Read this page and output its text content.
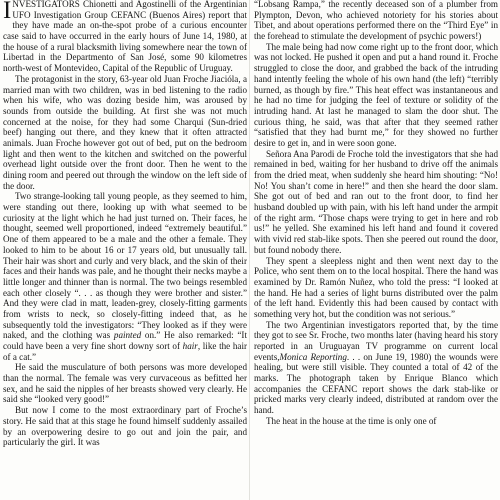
INVESTIGATORS Chionetti and Agostinelli of the Argentinian UFO Investigation Group CEFANC (Buenos Aires) report that they have made an on-the-spot probe of a curious encounter case said to have occurred in the early hours of June 14, 1980, at the house of a rural blacksmith living somewhere near the town of Libertad in the Departmento of San José, some 90 kilometres north-west of Montevideo, Capital of the Republic of Uruguay.

The protagonist in the story, 63-year old Juan Froche Jiacióla, a married man with two children, was in bed listening to the radio when his wife, who was dozing beside him, was aroused by sounds from outside the building. At first she was not much concerned at the noise, for they had some Charqui (Sun-dried beef) hanging out there, and they knew that it often attracted animals. Juan Froche however got out of bed, put on the bedroom light and then went to the kitchen and switched on the powerful overhead light outside over the front door. Then he went to the dining room and peered out through the window on the left side of the door.

Two strange-looking tall young people, as they seemed to him, were standing out there, looking up with what seemed to be curiosity at the light which he had just turned on. Their faces, he thought, seemed well proportioned, indeed “extremely beautiful.” One of them appeared to be a male and the other a female. They looked to him to be about 16 or 17 years old, but unusually tall. Their hair was short and curly and very black, and the skin of their faces and their hands was pale, and he thought their necks maybe a little longer and thinner than is normal. The two beings resembled each other closely “. . . as though they were brother and sister.” And they were clad in matt, leaden-grey, closely-fitting garments from wrists to neck, so closely-fitting indeed that, as he subsequently told the investigators: “They looked as if they were naked, and the clothing was painted on.” He also remarked: “It could have been a very fine short downy sort of hair, like the hair of a cat.”

He said the musculature of both persons was more developed than the normal. The female was very curvaceous as befitted her sex, and he said the nipples of her breasts showed very clearly. He said she “looked very good!”

But now I come to the most extraordinary part of Froche’s story. He said that at this stage he found himself suddenly assailed by an overpowering desire to go out and join the pair, and particularly the girl. It was

“Lobsang Rampa,” the recently deceased son of a plumber from Plympton, Devon, who achieved notoriety for his stories about Tibet, and about operations performed there on the “Third Eye” in the forehead to stimulate the development of psychic powers!)

The male being had now come right up to the front door, which was not locked. He pushed it open and put a hand round it. Froche struggled to close the door, and grabbed the back of the intruding hand intently feeling the whole of his own hand (the left) “terribly burned, as though by fire.” This heat effect was instantaneous and he had no time for judging the feel of texture or solidity of the intruding hand. At last he managed to slam the door shut. The curious thing, he said, was that after that they seemed rather “satisfied that they had burnt me,” for they showed no further desire to get in, and in were soon gone.

Señora Ana Parodi de Froche told the investigators that she had remained in bed, waiting for her husband to drive off the animals from the dried meat, when suddenly she heard him shouting: “No! No! You shan’t come in here!” and then she heard the door slam. She got out of bed and ran out to the front door, to find her husband doubled up with pain, with his left hand under the armpit of the right arm. “Those chaps were trying to get in here and rob us!” he yelled. She examined his left hand and found it covered with vivid red stab-like spots. Then she peered out round the door, but found nobody there.

They spent a sleepless night and then went next day to the Police, who sent them on to the local hospital. There the hand was examined by Dr. Ramón Nuñez, who told the press: “I looked at the hand. He had a series of light burns distributed over the palm of the left hand. Evidently this had been caused by contact with something very hot, but the condition was not serious.”

The two Argentinian investigators reported that, by the time they got to see Sr. Froche, two months later (having heard his story reported in an Uruguayan TV programme on current local events,Monica Reporting. . . on June 19, 1980) the wounds were healing, but were still visible. They counted a total of 42 of the marks. The photograph taken by Enrique Blanco which accompanies the CEFANC report shows the dark stab-like or pricked marks very clearly indeed, distributed at random over the hand.

The heat in the house at the time is only one of
